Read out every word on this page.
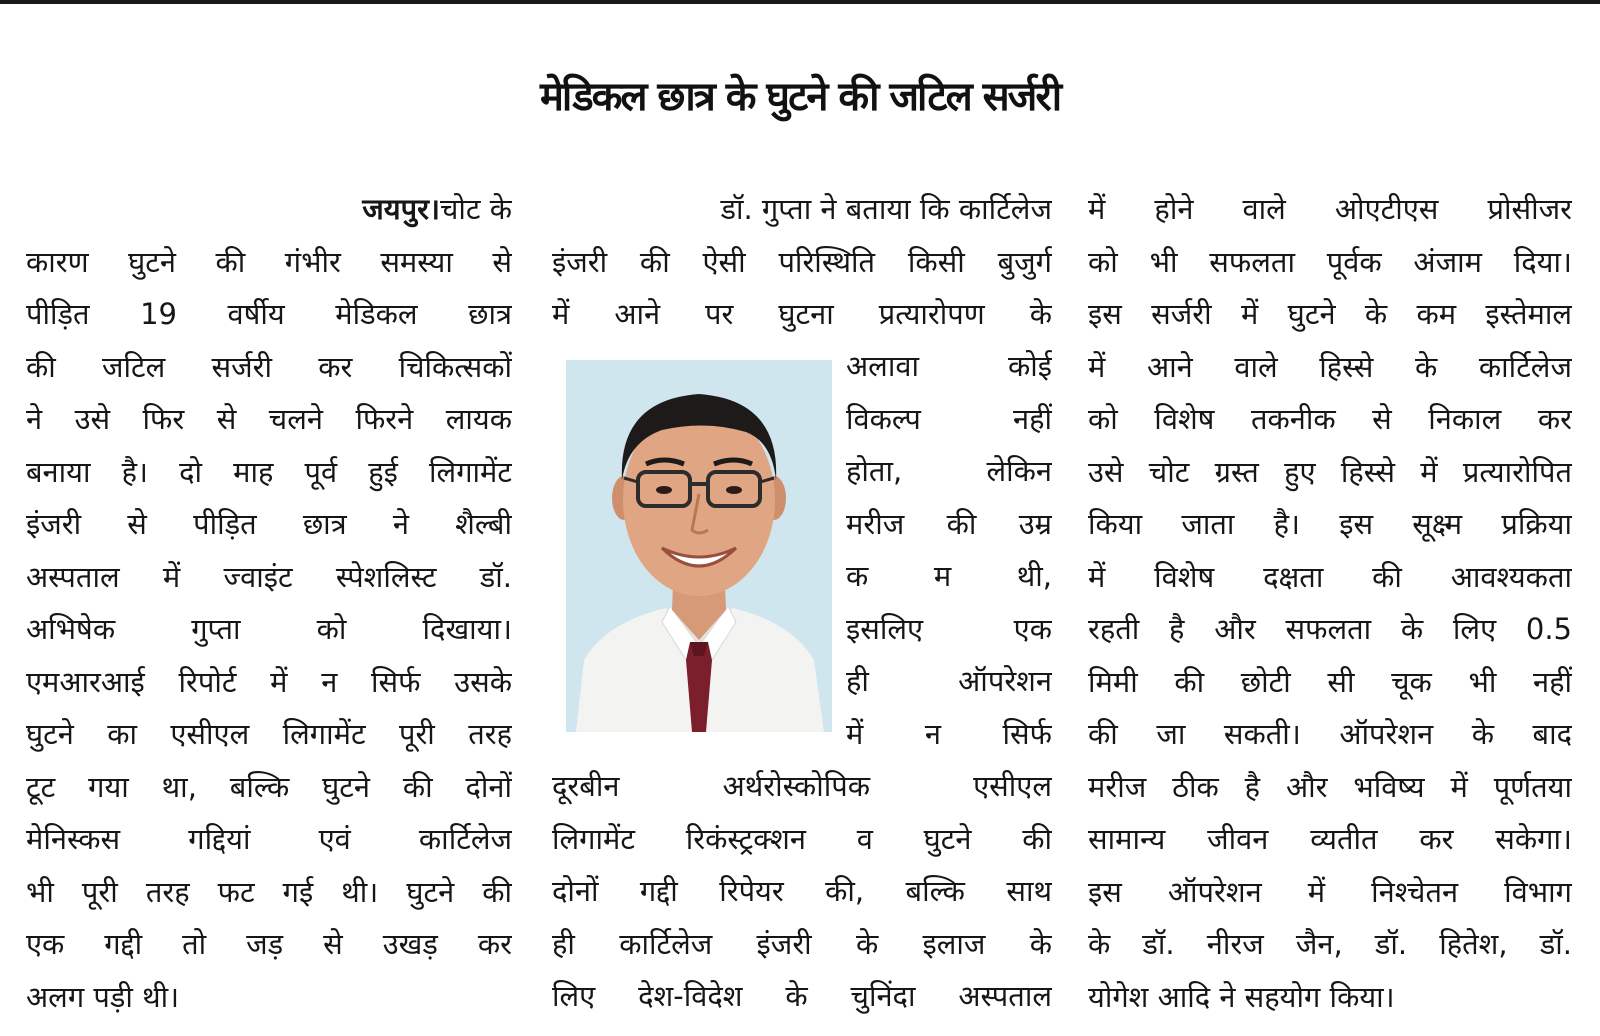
मेडिकल छात्र के घुटने की जटिल सर्जरी
जयपुर।चोट के
कारण घुटने की गंभीर समस्या से
पीड़ित 19 वर्षीय मेडिकल छात्र
की जटिल सर्जरी कर चिकित्सकों
ने उसे फिर से चलने फिरने लायक
बनाया है। दो माह पूर्व हुई लिगामेंट
इंजरी से पीड़ित छात्र ने शैल्बी
अस्पताल में ज्वाइंट स्पेशलिस्ट डॉ.
अभिषेक गुप्ता को दिखाया।
एमआरआई रिपोर्ट में न सिर्फ उसके
घुटने का एसीएल लिगामेंट पूरी तरह
टूट गया था, बल्कि घुटने की दोनों
मेनिस्कस गद्दियां एवं कार्टिलेज
भी पूरी तरह फट गई थी। घुटने की
एक गद्दी तो जड़ से उखड़ कर
अलग पड़ी थी।
डॉ. गुप्ता ने बताया कि कार्टिलेज
इंजरी की ऐसी परिस्थिति किसी बुजुर्ग
में आने पर घुटना प्रत्यारोपण के
अलावा कोई
विकल्प नहीं
होता, लेकिन
मरीज की उम्र
क म थी,
इसलिए एक
ही ऑपरेशन
में न सिर्फ
दूरबीन अर्थरोस्कोपिक एसीएल
लिगामेंट रिकंस्ट्रक्शन व घुटने की
दोनों गद्दी रिपेयर की, बल्कि साथ
ही कार्टिलेज इंजरी के इलाज के
लिए देश-विदेश के चुनिंदा अस्पताल
में होने वाले ओएटीएस प्रोसीजर
को भी सफलता पूर्वक अंजाम दिया।
इस सर्जरी में घुटने के कम इस्तेमाल
में आने वाले हिस्से के कार्टिलेज
को विशेष तकनीक से निकाल कर
उसे चोट ग्रस्त हुए हिस्से में प्रत्यारोपित
किया जाता है। इस सूक्ष्म प्रक्रिया
में विशेष दक्षता की आवश्यकता
रहती है और सफलता के लिए 0.5
मिमी की छोटी सी चूक भी नहीं
की जा सकती। ऑपरेशन के बाद
मरीज ठीक है और भविष्य में पूर्णतया
सामान्य जीवन व्यतीत कर सकेगा।
इस ऑपरेशन में निश्चेतन विभाग
के डॉ. नीरज जैन, डॉ. हितेश, डॉ.
योगेश आदि ने सहयोग किया।
